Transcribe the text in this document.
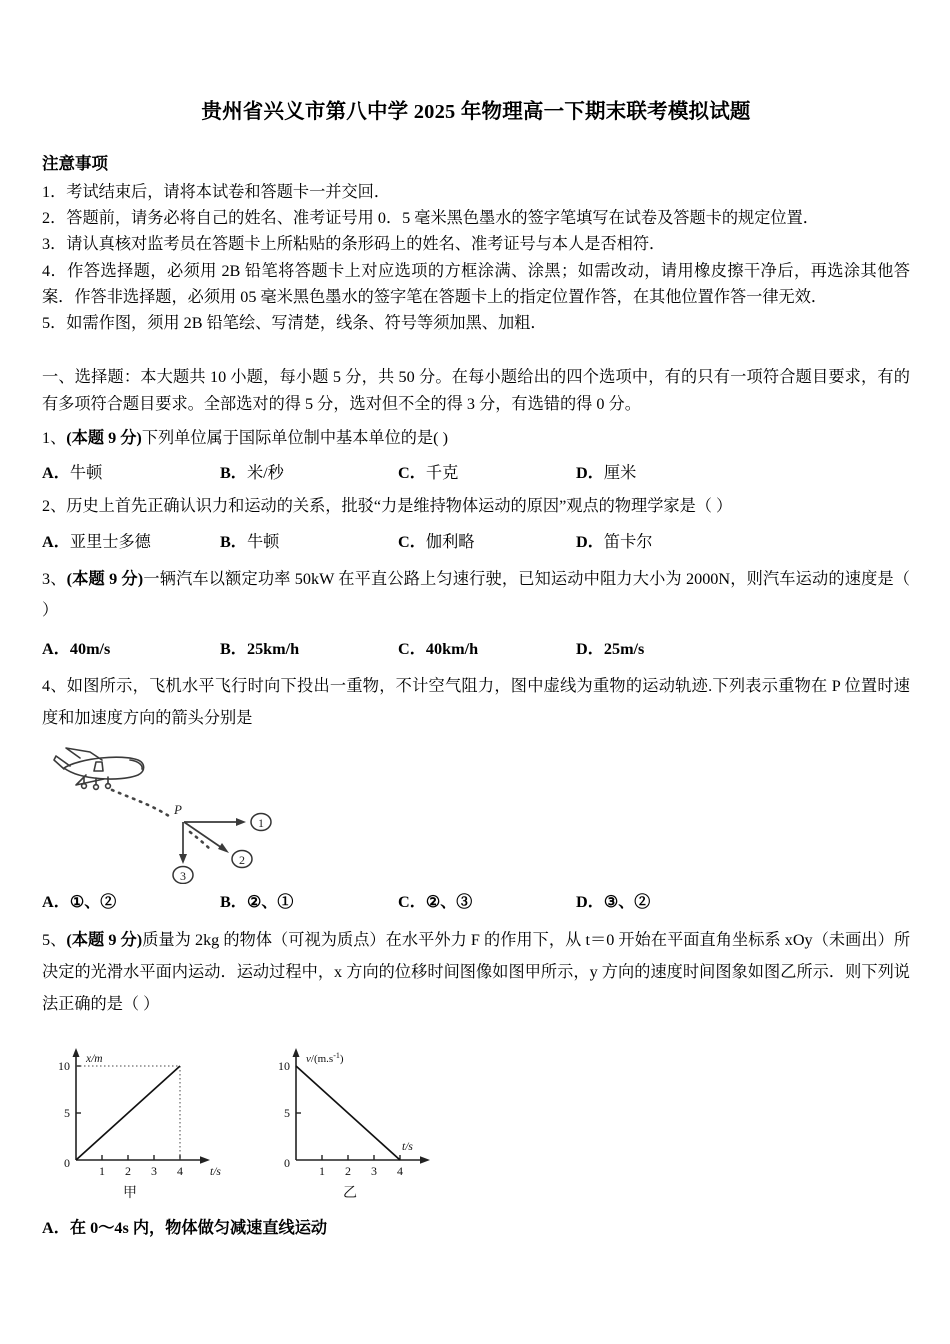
贵州省兴义市第八中学 2025 年物理高一下期末联考模拟试题
注意事项
1．考试结束后，请将本试卷和答题卡一并交回．
2．答题前，请务必将自己的姓名、准考证号用 0．5 毫米黑色墨水的签字笔填写在试卷及答题卡的规定位置．
3．请认真核对监考员在答题卡上所粘贴的条形码上的姓名、准考证号与本人是否相符．
4．作答选择题，必须用 2B 铅笔将答题卡上对应选项的方框涂满、涂黑；如需改动，请用橡皮擦干净后，再选涂其他答案．作答非选择题，必须用 05 毫米黑色墨水的签字笔在答题卡上的指定位置作答，在其他位置作答一律无效．
5．如需作图，须用 2B 铅笔绘、写清楚，线条、符号等须加黑、加粗．
一、选择题：本大题共 10 小题，每小题 5 分，共 50 分。在每小题给出的四个选项中，有的只有一项符合题目要求，有的有多项符合题目要求。全部选对的得 5 分，选对但不全的得 3 分，有选错的得 0 分。
1、(本题 9 分)下列单位属于国际单位制中基本单位的是( )
A．牛顿	B．米/秒	C．千克	D．厘米
2、历史上首先正确认识力和运动的关系，批驳“力是维持物体运动的原因”观点的物理学家是（ ）
A．亚里士多德	B．牛顿	C．伽利略	D．笛卡尔
3、(本题 9 分)一辆汽车以额定功率 50kW 在平直公路上匀速行驶，已知运动中阻力大小为 2000N，则汽车运动的速度是（ ）
A．40m/s	B．25km/h	C．40km/h	D．25m/s
4、如图所示，飞机水平飞行时向下投出一重物，不计空气阻力，图中虚线为重物的运动轨迹.下列表示重物在 P 位置时速度和加速度方向的箭头分别是
P
1
2
3
A．①、②	B．②、①	C．②、③	D．③、②
5、(本题 9 分)质量为 2kg 的物体（可视为质点）在水平外力 F 的作用下，从 t＝0 开始在平面直角坐标系 xOy（未画出）所决定的光滑水平面内运动．运动过程中，x 方向的位移时间图像如图甲所示，y 方向的速度时间图象如图乙所示．则下列说法正确的是（ ）
x/m
t/s
10
5
0
1 2 3 4
甲
$v/(m.s^{-1})$
t/s
10
5
0
1 2 3 4
乙
A．在 0～4s 内，物体做匀减速直线运动
